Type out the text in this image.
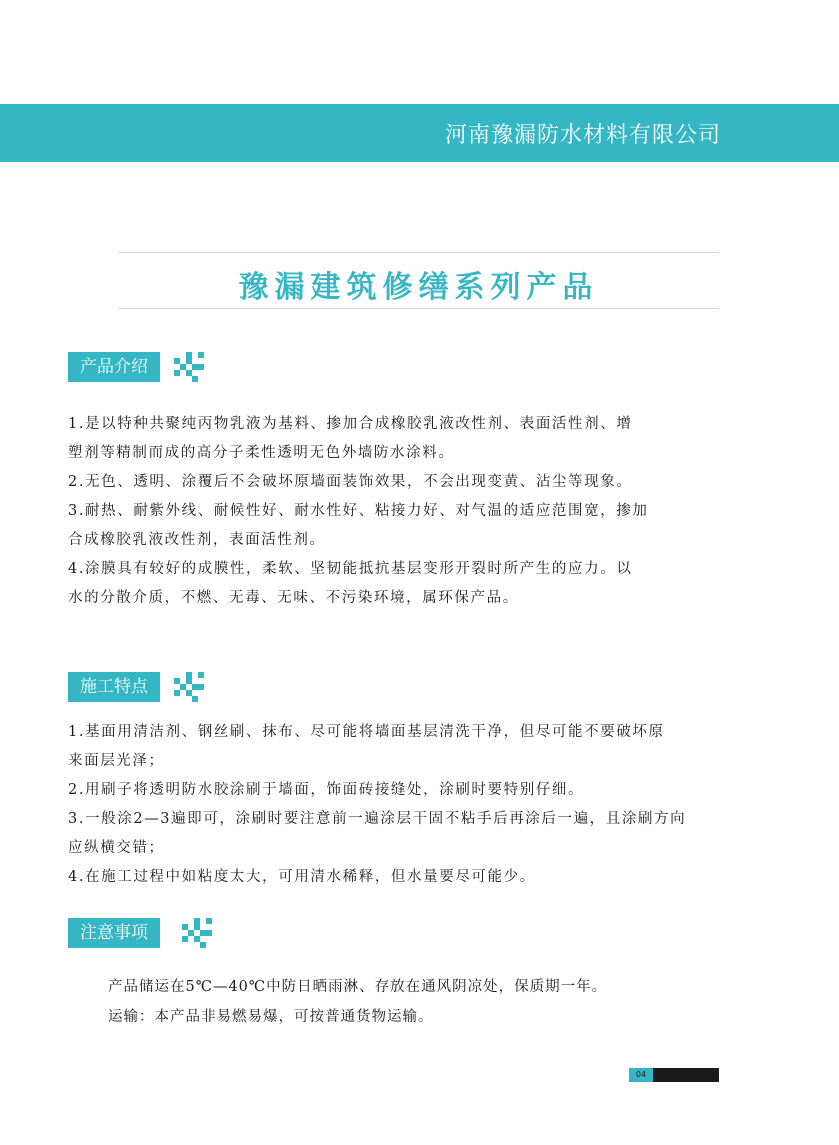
河南豫漏防水材料有限公司
豫漏建筑修缮系列产品
产品介绍

1.是以特种共聚纯丙物乳液为基料、掺加合成橡胶乳液改性剂、表面活性剂、增

塑剂等精制而成的高分子柔性透明无色外墙防水涂料。

2.无色、透明、涂覆后不会破坏原墙面装饰效果，不会出现变黄、沾尘等现象。

3.耐热、耐紫外线、耐候性好、耐水性好、粘接力好、对气温的适应范围宽，掺加

合成橡胶乳液改性剂，表面活性剂。

4.涂膜具有较好的成膜性，柔软、坚韧能抵抗基层变形开裂时所产生的应力。以

水的分散介质，不燃、无毒、无味、不污染环境，属环保产品。

施工特点

1.基面用清洁剂、钢丝刷、抹布、尽可能将墙面基层清洗干净，但尽可能不要破坏原

来面层光泽；

2.用刷子将透明防水胶涂刷于墙面，饰面砖接缝处，涂刷时要特别仔细。

3.一般涂2—3遍即可，涂刷时要注意前一遍涂层干固不粘手后再涂后一遍，且涂刷方向

应纵横交错；

4.在施工过程中如粘度太大，可用清水稀释，但水量要尽可能少。

注意事项

产品储运在5℃—40℃中防日晒雨淋、存放在通风阴凉处，保质期一年。

运输：本产品非易燃易爆，可按普通货物运输。

04
